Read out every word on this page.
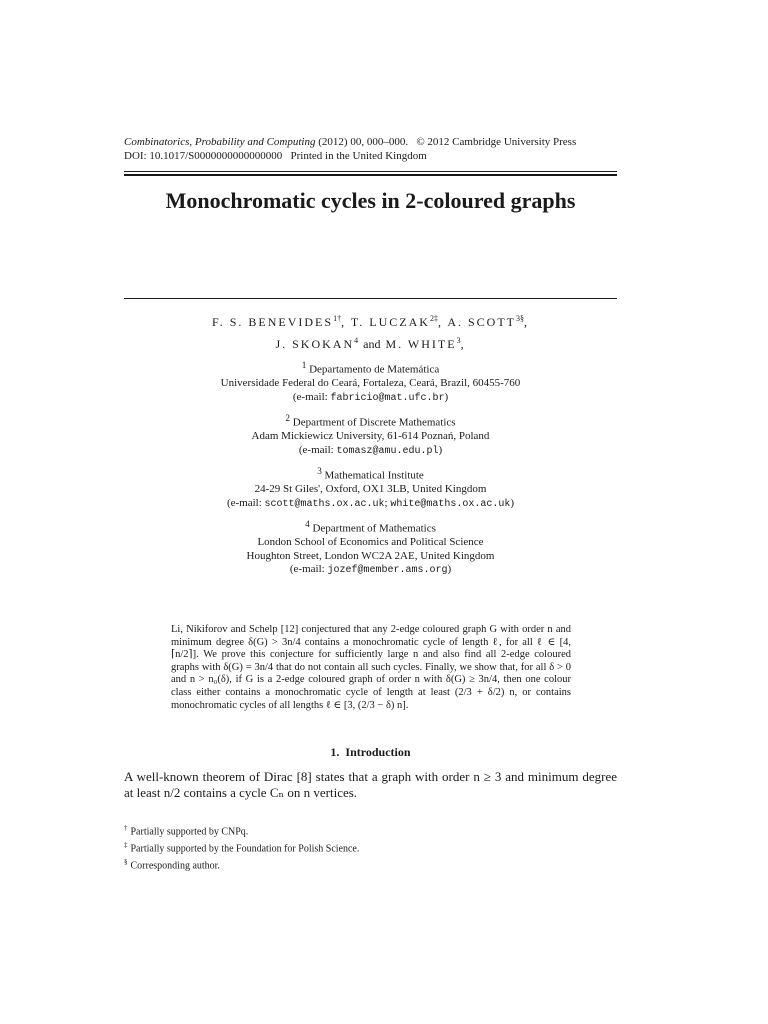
Combinatorics, Probability and Computing (2012) 00, 000–000. © 2012 Cambridge University Press
DOI: 10.1017/S0000000000000000 Printed in the United Kingdom
Monochromatic cycles in 2-coloured graphs
F. S. $BENEVIDES^{1\dagger}$, T. $LUCZAK^{2\ddagger}$, A. $SCOTT^{3\S}$,
J. SKOKAN$^4$ and M. WHITE$^3$,
$^1$ Departamento de Matemática
Universidade Federal do Ceará, Fortaleza, Ceará, Brazil, 60455-760
(e-mail: fabricio@mat.ufc.br)
$^2$ Department of Discrete Mathematics
Adam Mickiewicz University, 61-614 Poznań, Poland
(e-mail: tomasz@amu.edu.pl)
$^3$ Mathematical Institute
24-29 St Giles', Oxford, OX1 3LB, United Kingdom
(e-mail: scott@maths.ox.ac.uk; white@maths.ox.ac.uk)
$^4$ Department of Mathematics
London School of Economics and Political Science
Houghton Street, London WC2A 2AE, United Kingdom
(e-mail: jozef@member.ams.org)
Li, Nikiforov and Schelp [12] conjectured that any 2-edge coloured graph G with order n and minimum degree δ(G) > 3n/4 contains a monochromatic cycle of length ℓ, for all ℓ ∈ [4, ⌈n/2⌉]. We prove this conjecture for sufficiently large n and also find all 2-edge coloured graphs with δ(G) = 3n/4 that do not contain all such cycles. Finally, we show that, for all δ > 0 and n > n₀(δ), if G is a 2-edge coloured graph of order n with δ(G) ≥ 3n/4, then one colour class either contains a monochromatic cycle of length at least (2/3 + δ/2) n, or contains monochromatic cycles of all lengths ℓ ∈ [3, (2/3 − δ) n].
1. Introduction
A well-known theorem of Dirac [8] states that a graph with order n ≥ 3 and minimum degree at least n/2 contains a cycle Cₙ on n vertices.
† Partially supported by CNPq.
‡ Partially supported by the Foundation for Polish Science.
§ Corresponding author.
